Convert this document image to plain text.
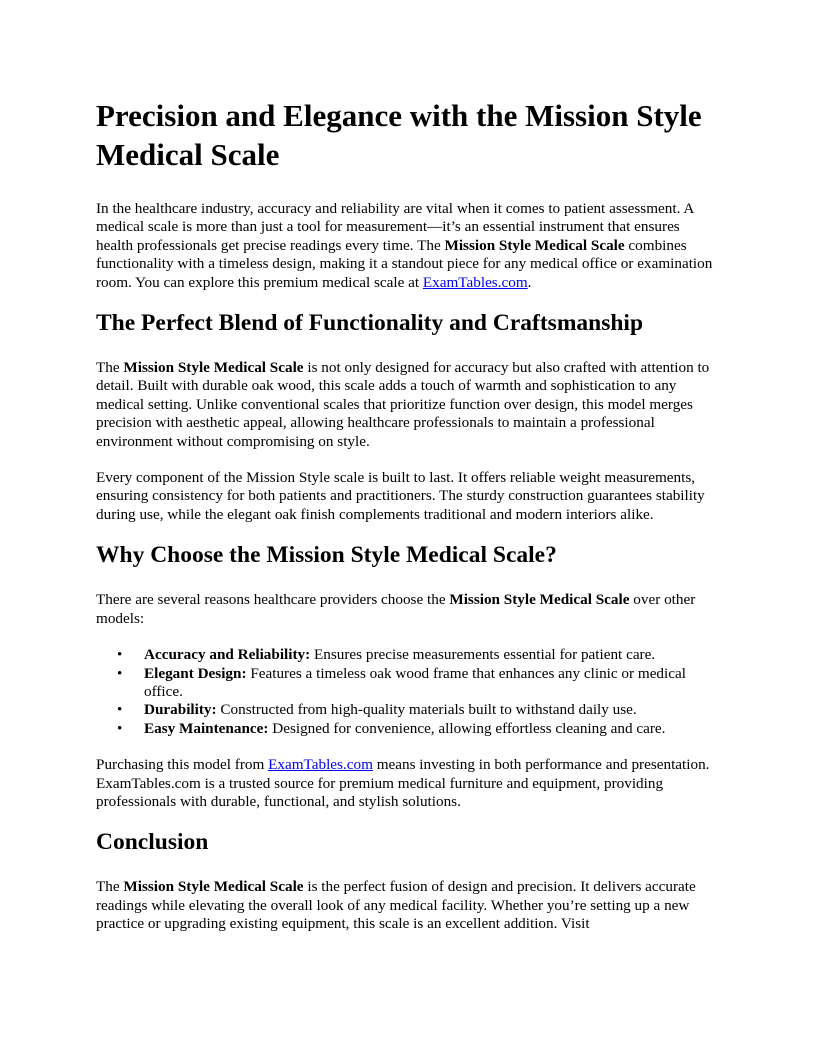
Precision and Elegance with the Mission Style Medical Scale

In the healthcare industry, accuracy and reliability are vital when it comes to patient assessment. A medical scale is more than just a tool for measurement—it’s an essential instrument that ensures health professionals get precise readings every time. The Mission Style Medical Scale combines functionality with a timeless design, making it a standout piece for any medical office or examination room. You can explore this premium medical scale at ExamTables.com.

The Perfect Blend of Functionality and Craftsmanship

The Mission Style Medical Scale is not only designed for accuracy but also crafted with attention to detail. Built with durable oak wood, this scale adds a touch of warmth and sophistication to any medical setting. Unlike conventional scales that prioritize function over design, this model merges precision with aesthetic appeal, allowing healthcare professionals to maintain a professional environment without compromising on style.

Every component of the Mission Style scale is built to last. It offers reliable weight measurements, ensuring consistency for both patients and practitioners. The sturdy construction guarantees stability during use, while the elegant oak finish complements traditional and modern interiors alike.

Why Choose the Mission Style Medical Scale?

There are several reasons healthcare providers choose the Mission Style Medical Scale over other models:

• Accuracy and Reliability: Ensures precise measurements essential for patient care.
• Elegant Design: Features a timeless oak wood frame that enhances any clinic or medical office.
• Durability: Constructed from high-quality materials built to withstand daily use.
• Easy Maintenance: Designed for convenience, allowing effortless cleaning and care.

Purchasing this model from ExamTables.com means investing in both performance and presentation. ExamTables.com is a trusted source for premium medical furniture and equipment, providing professionals with durable, functional, and stylish solutions.

Conclusion

The Mission Style Medical Scale is the perfect fusion of design and precision. It delivers accurate readings while elevating the overall look of any medical facility. Whether you’re setting up a new practice or upgrading existing equipment, this scale is an excellent addition. Visit
